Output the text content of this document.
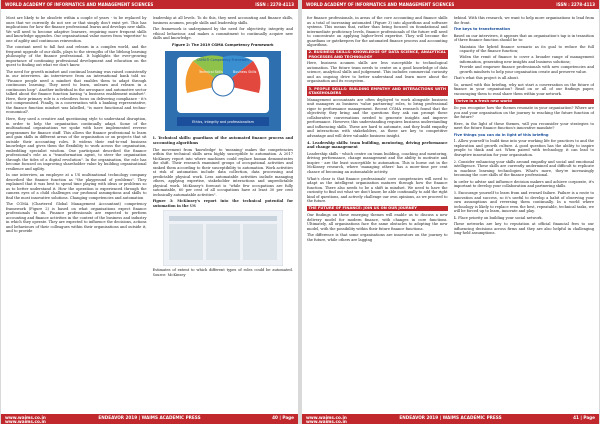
WORLD ACADEMY OF INFORMATICS AND MANAGEMENT SCIENCES	ISSN : 2278-4113

Most are likely to be obsolete within a couple of years - to be replaced by ones that we currently do not see or that simply don't exist yet. This has implications for how the finance professional learns and develops new skills. We will need to become adaptive learners, requiring more frequent skills and knowledge upgrades. Our organisational value moves from 'expertise' to one of agility and continuous reinvention.

The constant need to fall fast and relearn in a complex world, and the frequent upgrade of our skills, plays to the strengths of the lifelong learning philosophy of the finance professional. It highlights the ever-growing importance of continuing professional development and education on the quest to finding out what we don't know.

The need for growth mindset and continual learning was raised consistently in our interviews. An interviewee from an international bank told us: "Finance people need a mindset that enables them to adapt through continuous learning. They need to learn, unlearn and relearn in a continuous loop". Another individual in the aerospace and automotive sector talked about the finance function having "a business enablement mindset". Here, their primary role is a relentless focus on delivering compliance - it's not compromised. Finally, in a conversation with a banking representative, the finance function mindset was labelled, "is more functional and techno-economical".

Here, they used a creative and questioning style to understand disruption, in order to help the organisation continually adapt. Some of the multinational organisations we spoke with have implemented reverse programmes for finance staff. This allows the finance professional to learn and gain skills in different areas of the organisation or on projects that sit outside their accounting roles. It widens their end-to-end business knowledge and gives them the flexibility to work across the organisation, embedding specialist wisdom. One participant described the finance professional's role as a "transformation agent, to steer the organisation through the tides of a digital revolution". In the organisation, the role has become focused on improving shareholder value by building organisational resilience and agility.

In one interview, an employee at a US multinational technology company described the finance function as "the playground of problems". They explained that it was best to spend time playing with ideas or problems so as to better understand it. How the operation is experienced through the camera eyes of a child challenges our profound assumptions and skills to find the most innovative solutions. Changing competencies and automation

The CGMA (Chartered Global Management Accountant) competency framework (Figure 2) is based on what organisations expect finance professionals to do. Finance professionals are expected to perform accounting and finance activities in the context of the business and industry in which they operate. They are expected to influence the decisions, actions and behaviours of their colleagues within their organisations and outside it, and to provide

leadership at all levels. To do this, they need accounting and finance skills, business acumen, people skills and leadership skills.

The framework is underpinned by the need for objectivity, integrity and ethical behaviour, and makes a commitment to continually acquire new skills and knowledge.

Figure 2: The 2019 CGMA Competency Framework
CGMA® Competency Framework
Technical Skills	Business Skills
Leadership Skills	People Skills
Ethics, integrity and professionalism

1. Technical skills: guardians of the automated finance process and accounting algorithms

The movement from 'knowledge' to 'meaning' makes the competencies within the technical skills area highly susceptible to automation. A 2017 McKinsey report into where machines could replace human demonstrates the shift. Their research examined groups of occupational activities and ranked them according to their susceptibility to automation. Work activities at risk of automation include data collection, data processing and predictable physical work. Less automatable activities include managing others, applying expertise, stakeholder interactions and unpredictable physical work. McKinsey's forecast is "while few occupations are fully automatable, 60 per cent of all occupations have at least 30 per cent technically automatable activities".

Figure 3: McKinsey's report into the technical potential for automation in the US

Estimates of extent to which different types of roles could be automated. Source: McKinsey

www.waims.co.in	ENDEAVOR 2019 | WAIMS ACADEMIC PRESS	40 | Page
www.waims.co.in
WORLD ACADEMY OF INFORMATICS AND MANAGEMENT SCIENCES	ISSN : 2278-4113

for finance professionals, in areas of the core accounting and finance skills as a total of increasing automated (Figure 3) into algorithms and software systems. This means that, rather than being focused on foundational and intermediate proficiency levels, finance professionals of the future will need to concentrate on applying higher-level expertise. They will become the guardians or gatekeepers for the automated finance process and accounting algorithms.

2. BUSINESS SKILLS: KNOWLEDGE OF DATA SCIENCE, ANALYTICAL PROCESSES AND TECHNOLOGY

Here, business acumen skills are less susceptible to technological automation. The future team needs to centre on a good knowledge of data science, analytical skills and judgement. This includes commercial curiosity and an ongoing drive to better understand and learn more about the organisation and its ecosystem.

3. PEOPLE SKILLS: BUILDING EMPATHY AND INTERACTIONS WITH STAKEHOLDERS

Management accountants are often deployed to work alongside business unit managers as business 'value partnering' roles, to bring professional rigor to performance management. Recent CGMA research found that the objectivity they bring and the questions they ask can prompt these collaborative conversations needed to generate insights and improve performance. However, this understanding requires business understanding and influencing skills. These are hard to automate, and they build empathy and interactions with stakeholders, as these are key to competitive advantage and will drive valuable business insight.

4. Leadership skills: team building, mentoring, driving performance and change management

Leadership skills - which centre on team building, coaching and mentoring, driving performance, change management and the ability to motivate and inspire - are the least susceptible to automation. This is borne out in the McKinsey research, where 'managing others' has a more-time per cent chance of becoming an automatable activity.

What's clear is that finance professionals' core competencies will need to adapt as the intelligent organisation matures through how the finance function. There also needs to be a shift in mindset. We need to have the curiosity to find out what we don't know, be able continually to add the right kind of questions, and actively challenge our own opinions, as we proceed to the future.

THE FUTURE OF FINANCE: JOIN US ON OUR JOURNEY

Our findings on these emerging themes will enable us to discuss a new delivery model for modern finance, with changes in core functions. Ultimately, all organisations face the same obstacles to adopting the new model, with the possibility within their future finance functions.

The difference is that some organisations are innovators on the journey to the future, while others are lagging

behind. With this research, we want to help more organisations to lead from the front.

The keys to transformation

Based on our interviews, it appears that an organisation's tap is in transition of three finance function should be to:

• Maintain the hybrid finance scenario as its goal to reduce the full capacity of the finance function;
• Widen the remit of finance to cover a broader range of management information, generating new insights and business solutions;
• Provide and empower finance professionals with new competencies and growth mindsets to help your organisation create and preserve value.

That's what this project is all about.

So, armed with this briefing, why not start a conversation on the future of finance in your organisation? Read on or all of our findings paper, encouraging them to read share them within your network.

Thrive in a fresh new world

Do you recognise how the themes resonate in your organisation? Where are you and your organisation on the journey to reaching the future function of the future?

Here, in the light of these themes, will you reconsider your strategies to meet the future finance function's innovative mandate?

Five things you can do in light of this briefing

1. Allow yourself to build time into your working life for practices to and the exploration and growth culture. A good question has the ability to inspire people to think and act. When paired with technology, it can lead to disruptive innovation for your organisation.

2. Consider enhancing your skills around empathy and social and emotional intelligence. These skills are currently undermined and difficult to replicate in machine learning technologies. What's more, they're increasingly becoming the core skills of the finance professional.

In order to advise and influence decision makers and achieve corporate, it's important to develop your collaboration and partnering skills.

3. Encourage yourself to learn from and reward failure. Failure is a route to innovation and success, so it's useful to develop a habit of observing your own assumptions and reversing them continually. In a world where technology is likely to replace even the best, repeatable, technical tasks, we will be forced up to learn, innovate and play.

4. Place priority on building your social network.

These networks are key to reputation at official financial fees to our influencing decisions across firms and they are also helpful in challenging long-held assumptions.

www.waims.co.in	ENDEAVOR 2019 | WAIMS ACADEMIC PRESS	41 | Page
www.waims.co.in
